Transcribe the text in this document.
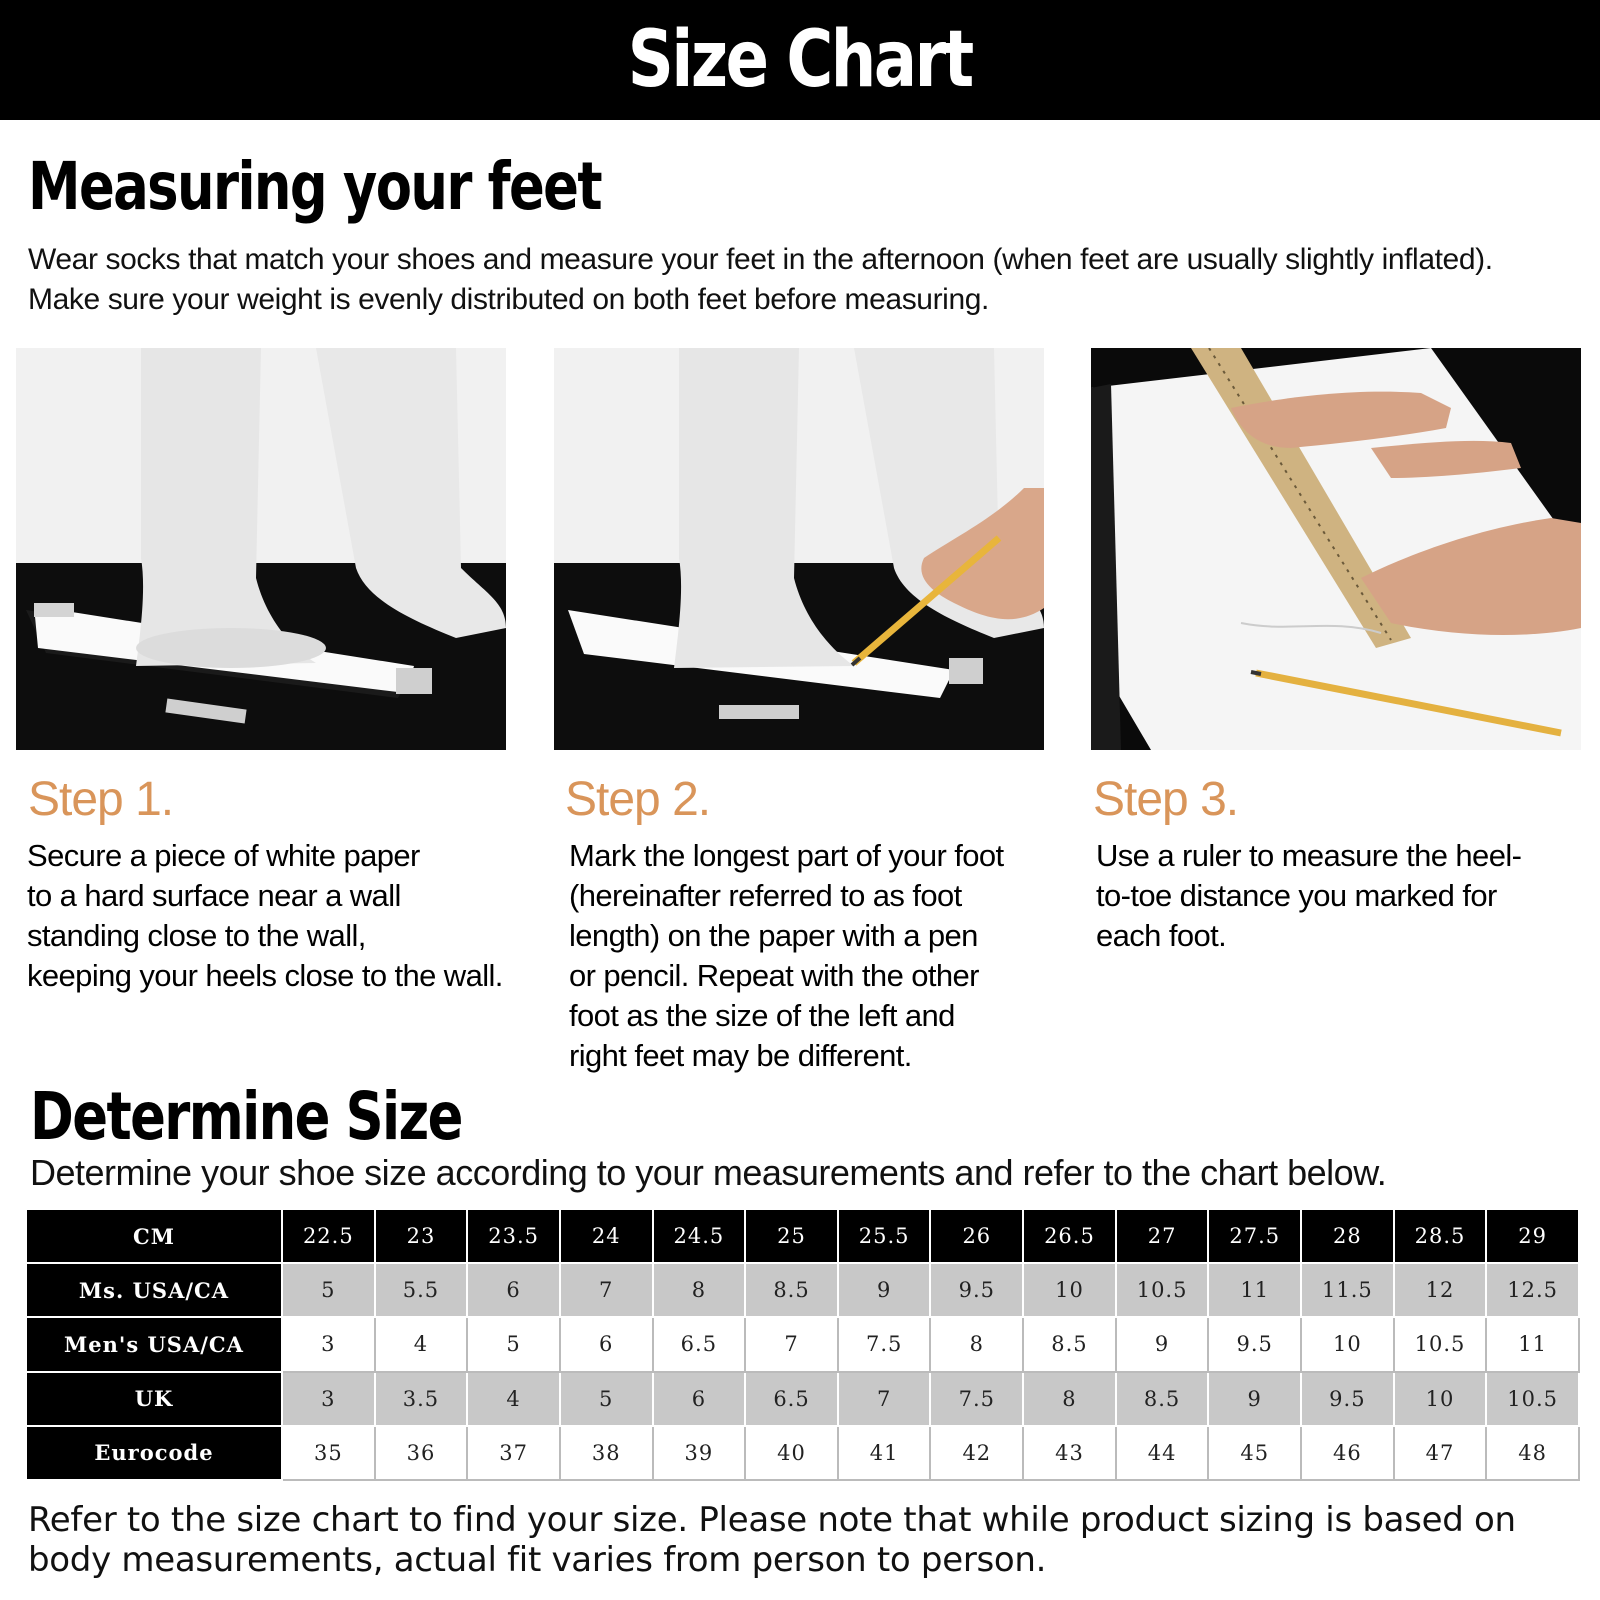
Size Chart
Measuring your feet
Wear socks that match your shoes and measure your feet in the afternoon (when feet are usually slightly inflated).
Make sure your weight is evenly distributed on both feet before measuring.
Step 1.
Secure a piece of white paper
to a hard surface near a wall
standing close to the wall,
keeping your heels close to the wall.
Step 2.
Mark the longest part of your foot
(hereinafter referred to as foot
length) on the paper with a pen
or pencil. Repeat with the other
foot as the size of the left and
right feet may be different.
Step 3.
Use a ruler to measure the heel-
to-toe distance you marked for
each foot.
Determine Size
Determine your shoe size according to your measurements and refer to the chart below.
CM	22.5	23	23.5	24	24.5	25	25.5	26	26.5	27	27.5	28	28.5	29
Ms. USA/CA	5	5.5	6	7	8	8.5	9	9.5	10	10.5	11	11.5	12	12.5
Men's USA/CA	3	4	5	6	6.5	7	7.5	8	8.5	9	9.5	10	10.5	11
UK	3	3.5	4	5	6	6.5	7	7.5	8	8.5	9	9.5	10	10.5
Eurocode	35	36	37	38	39	40	41	42	43	44	45	46	47	48
Refer to the size chart to find your size. Please note that while product sizing is based on body measurements, actual fit varies from person to person.
